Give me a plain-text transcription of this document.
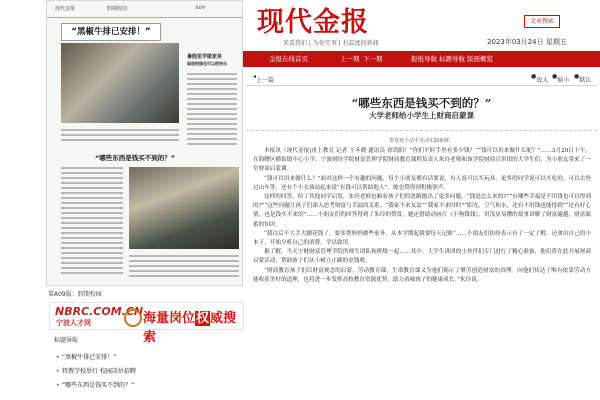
现代金报	假期校园	A09
“黑椒牛排已安排！”
暑假里学做家务
留宿校园也可以很快乐
“哪些东西是钱买不到的？”
第A09版：假期校园
NBRC.COM.CN
宁波人才网	海量岗位权威搜索
标题导航
• “黑椒牛排已安排！”
• 特教学校举行 校园岗位招聘
• “哪些东西是钱买不到的？”
现代金报
来看我们 | 为你实事 | 有温度的新闻
文章搜索
2023年03月24日 星期五
金报在线首页	上一期 下一期	报纸导航 标题导航 版面概览
◂
上一篇
●
放大
●
缩小
●
默认
“哪些东西是钱买不到的？”
大学老师给小学生上财商启蒙课
带着孩子动手劳动实践新鲜。

本报讯（现代金报|甬上教育 记者 王冬晓 通讯员 徐凯阳）“你们平时手里有多少钱？”“钱可以用来做什么呢？”……3月20日下午，在海曙区横街镇中心小学，宁波财经学院财富管理学院财商教育课程负责人朱玲老师和该学院财商宣讲团的大学生们，为小朋友带来了一堂财商启蒙课。

“钱可以用来做什么？”面对这样一个有趣的问题，每个小朋友都有话要说，有人说可以买玩具，更多的同学说可以买吃的。可以去登过山车等，还有个小女孩站起来说“有钱可以帮助他人”，她也赞得到积极掌声。

这样的回答，给了其他同学启发，朱玲老师也顺着孩子们的思路抛出了更多问题，“钱是怎么来的?”“有哪些幸福是不用钱也可以得到的?”“这些问题让孩子们深入思考财富与幸福的关系。“我家不来友谊”“我家不来时时”“阳光、空气和水，还有不用钱也能得到”“还有好心情，也是钱买不来的”……小朋友们的回答得到了朱玲的赞赏，她还借助动画片《小狗钱钱》，用浅显易懂的故事讲解了财富逾越，财富储蓄的知识。

“我以后不大手大脚花钱了，要多帮妈妈做些家务，从本学期起我要每天记账”……小朋友们纷纷表示有了一定了解，还拿出自己的小本子，开始分析自己的消费，学以致用。

据了解，当天宁财财富管理学院的师生团队和班级一起……其中，大学生讲团的小伙伴们专门进行了精心准备，他们将在此开展财商启蒙活动，帮助孩子们从小树立正确的金钱观。

“财商教育孩子们以财富观念的启蒙，劳动教育课，生命教育课又为他们揭示了聚劳创造财富的真理。向他们传达了唯有依靠劳动方能收获美好的道理，也将进一步发挥高校教育资源优势，助力甬城孩子的健康成长。”朱玲说。
